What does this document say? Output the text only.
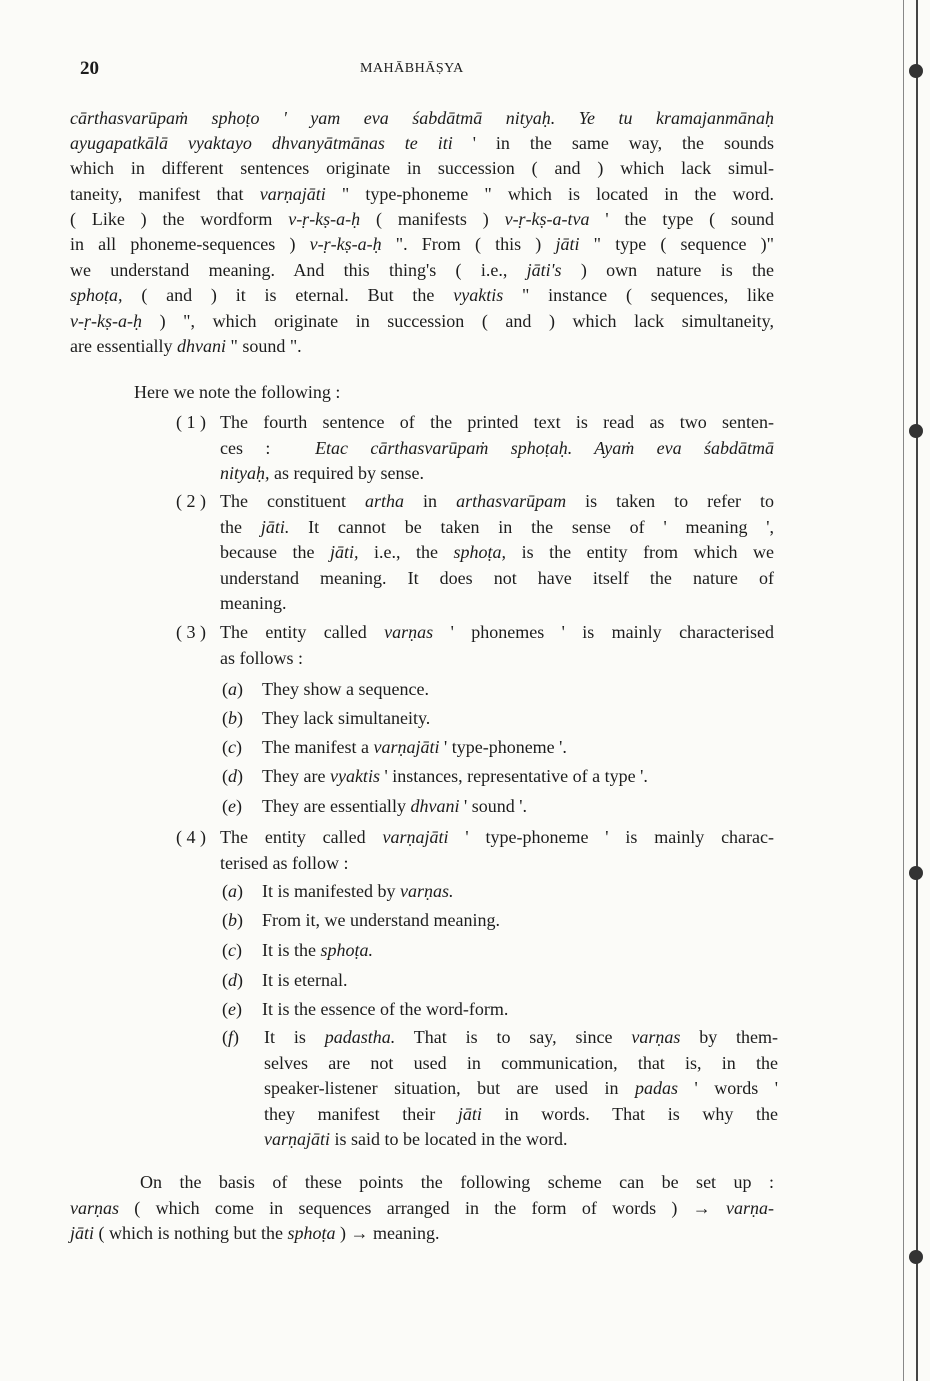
20	MAHĀBHĀṢYA
cārthasvarūpaṁ sphoṭo ' yam eva śabdātmā nityaḥ. Ye tu kramajanmānaḥ
ayugapatkālā vyaktayo dhvanyātmānas te iti ' in the same way, the sounds
which in different sentences originate in succession ( and ) which lack simul-
taneity, manifest that varṇajāti " type-phoneme " which is located in the word.
( Like ) the wordform v-ṛ-kṣ-a-ḥ ( manifests ) v-ṛ-kṣ-a-tva ' the type ( sound
in all phoneme-sequences ) v-ṛ-kṣ-a-ḥ ". From ( this ) jāti " type ( sequence )"
we understand meaning. And this thing's ( i.e., jāti's ) own nature is the
sphoṭa, ( and ) it is eternal. But the vyaktis " instance ( sequences, like
v-ṛ-kṣ-a-ḥ ) ", which originate in succession ( and ) which lack simultaneity,
are essentially dhvani " sound ".
Here we note the following :
( 1 ) The fourth sentence of the printed text is read as two senten-
ces : Etac cārthasvarūpaṁ sphoṭaḥ. Ayaṁ eva śabdātmā
nityaḥ, as required by sense.
( 2 ) The constituent artha in arthasvarūpam is taken to refer to
the jāti. It cannot be taken in the sense of ' meaning ',
because the jāti, i.e., the sphoṭa, is the entity from which we
understand meaning. It does not have itself the nature of
meaning.
( 3 ) The entity called varṇas ' phonemes ' is mainly characterised
as follows :
(a) They show a sequence.
(b) They lack simultaneity.
(c) The manifest a varṇajāti ' type-phoneme '.
(d) They are vyaktis ' instances, representative of a type '.
(e) They are essentially dhvani ' sound '.
( 4 ) The entity called varṇajāti ' type-phoneme ' is mainly charac-
terised as follow :
(a) It is manifested by varṇas.
(b) From it, we understand meaning.
(c) It is the sphoṭa.
(d) It is eternal.
(e) It is the essence of the word-form.
(f)	It is padastha. That is to say, since varṇas by them-
selves are not used in communication, that is, in the
speaker-listener situation, but are used in padas ' words '
they manifest their jāti in words. That is why the
varṇajāti is said to be located in the word.
On the basis of these points the following scheme can be set up :
varṇas ( which come in sequences arranged in the form of words ) → varṇa-
jāti ( which is nothing but the sphoṭa ) → meaning.
